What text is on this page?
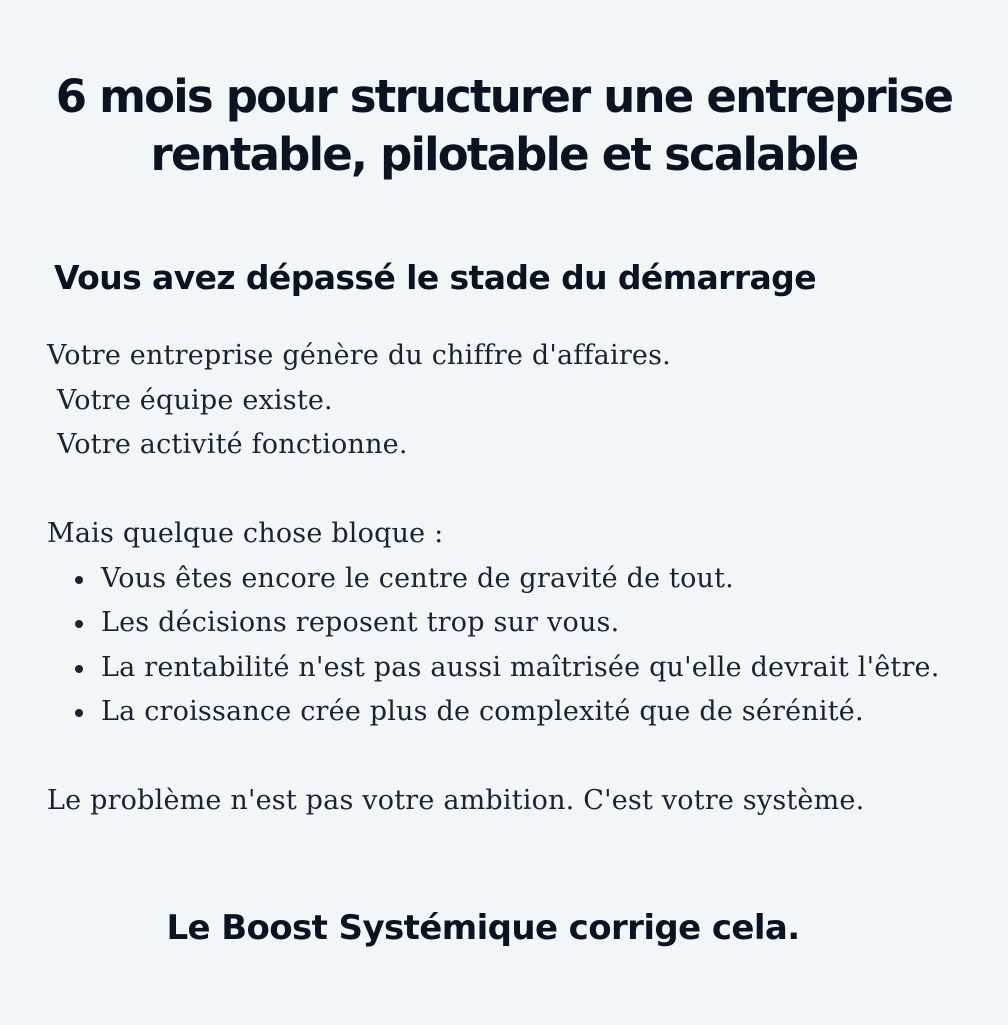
6 mois pour structurer une entreprise
rentable, pilotable et scalable
Vous avez dépassé le stade du démarrage

Votre entreprise génère du chiffre d'affaires.

Votre équipe existe.

Votre activité fonctionne.

Mais quelque chose bloque :

Vous êtes encore le centre de gravité de tout.
Les décisions reposent trop sur vous.
La rentabilité n'est pas aussi maîtrisée qu'elle devrait l'être.
La croissance crée plus de complexité que de sérénité.

Le problème n'est pas votre ambition. C'est votre système.

Le Boost Systémique corrige cela.
